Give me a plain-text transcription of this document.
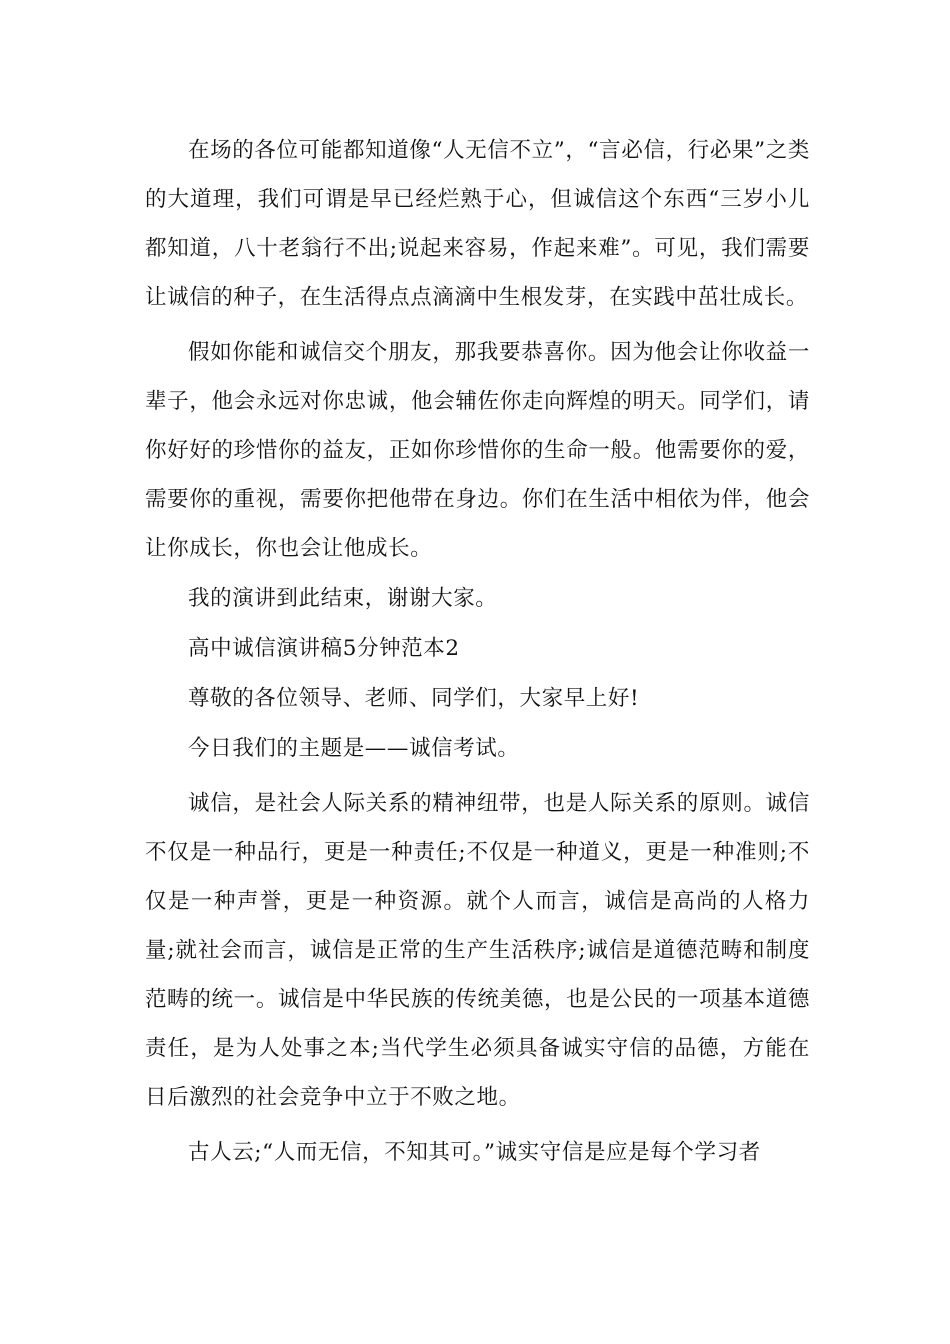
在场的各位可能都知道像“人无信不立”，“言必信，行必果”之类的大道理，我们可谓是早已经烂熟于心，但诚信这个东西“三岁小儿都知道，八十老翁行不出;说起来容易，作起来难”。可见，我们需要让诚信的种子，在生活得点点滴滴中生根发芽，在实践中茁壮成长。

假如你能和诚信交个朋友，那我要恭喜你。因为他会让你收益一辈子，他会永远对你忠诚，他会辅佐你走向辉煌的明天。同学们，请你好好的珍惜你的益友，正如你珍惜你的生命一般。他需要你的爱，需要你的重视，需要你把他带在身边。你们在生活中相依为伴，他会让你成长，你也会让他成长。

我的演讲到此结束，谢谢大家。

高中诚信演讲稿5分钟范本2

尊敬的各位领导、老师、同学们，大家早上好!

今日我们的主题是——诚信考试。

诚信，是社会人际关系的精神纽带，也是人际关系的原则。诚信不仅是一种品行，更是一种责任;不仅是一种道义，更是一种准则;不仅是一种声誉，更是一种资源。就个人而言，诚信是高尚的人格力量;就社会而言，诚信是正常的生产生活秩序;诚信是道德范畴和制度范畴的统一。诚信是中华民族的传统美德，也是公民的一项基本道德责任，是为人处事之本;当代学生必须具备诚实守信的品德，方能在日后激烈的社会竞争中立于不败之地。

古人云;“人而无信，不知其可。”诚实守信是应是每个学习者
